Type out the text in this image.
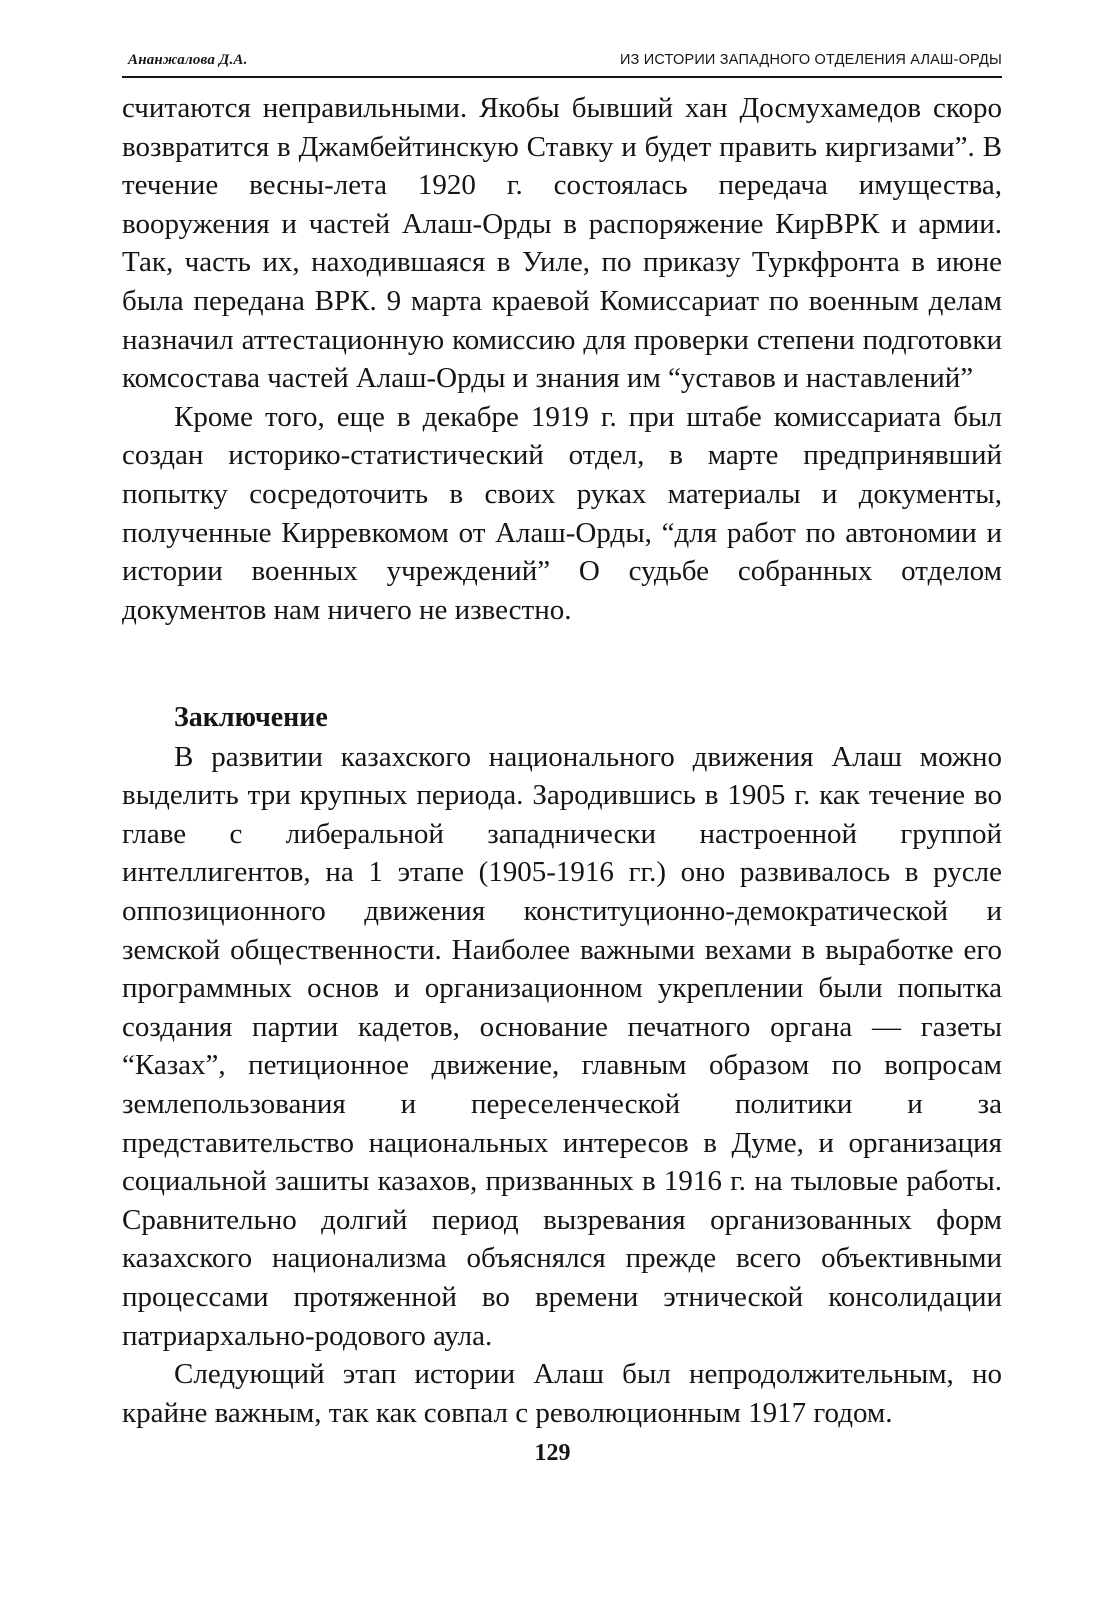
Ананжалова Д.А.	ИЗ ИСТОРИИ ЗАПАДНОГО ОТДЕЛЕНИЯ АЛАШ-ОРДЫ

считаются неправильными. Якобы бывший хан Досмухамедов скоро возвратится в Джамбейтинскую Ставку и будет править киргизами”. В течение весны-лета 1920 г. состоялась передача имущества, вооружения и частей Алаш-Орды в распоряжение КирВРК и армии. Так, часть их, находившаяся в Уиле, по приказу Туркфронта в июне была передана ВРК. 9 марта краевой Комиссариат по военным делам назначил аттестационную комиссию для проверки степени подготовки комсостава частей Алаш-Орды и знания им “уставов и наставлений”

Кроме того, еще в декабре 1919 г. при штабе комиссариата был создан историко-статистический отдел, в марте предпринявший попытку сосредоточить в своих руках материалы и документы, полученные Кирревкомом от Алаш-Орды, “для работ по автономии и истории военных учреждений” О судьбе собранных отделом документов нам ничего не известно.

Заключение

В развитии казахского национального движения Алаш можно выделить три крупных периода. Зародившись в 1905 г. как течение во главе с либеральной западнически настроенной группой интеллигентов, на 1 этапе (1905-1916 гг.) оно развивалось в русле оппозиционного движения конституционно-демократической и земской общественности. Наиболее важными вехами в выработке его программных основ и организационном укреплении были попытка создания партии кадетов, основание печатного органа — газеты “Казах”, петиционное движение, главным образом по вопросам землепользования и переселенческой политики и за представительство национальных интересов в Думе, и организация социальной зашиты казахов, призванных в 1916 г. на тыловые работы. Сравнительно долгий период вызревания организованных форм казахского национализма объяснялся прежде всего объективными процессами протяженной во времени этнической консолидации патриархально-родового аула.

Следующий этап истории Алаш был непродолжительным, но крайне важным, так как совпал с революционным 1917 годом.

129
